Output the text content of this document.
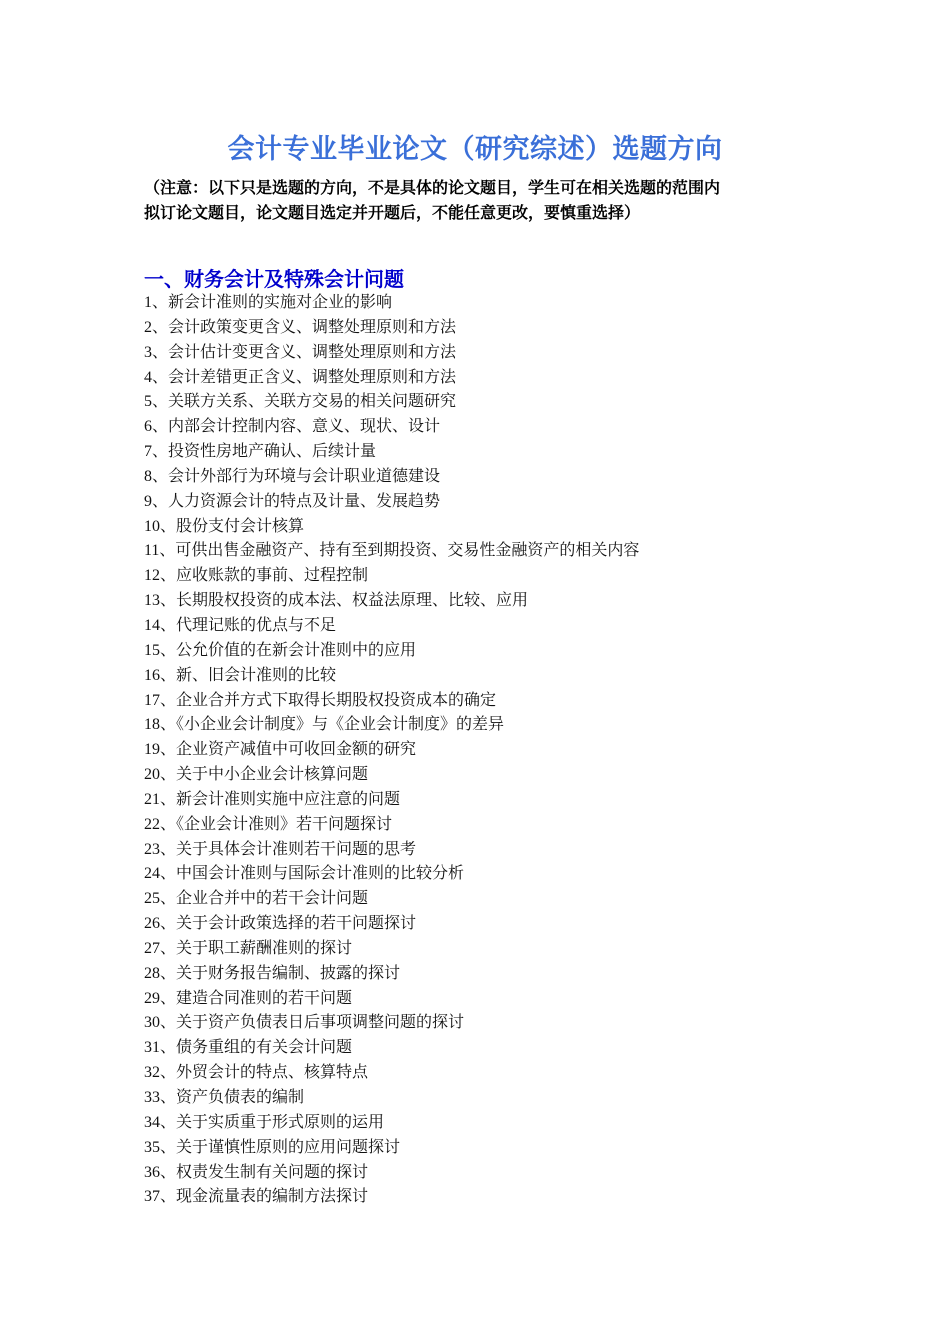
会计专业毕业论文（研究综述）选题方向

（注意：以下只是选题的方向，不是具体的论文题目，学生可在相关选题的范围内

拟订论文题目，论文题目选定并开题后，不能任意更改，要慎重选择）

一、财务会计及特殊会计问题
1、新会计准则的实施对企业的影响
2、会计政策变更含义、调整处理原则和方法
3、会计估计变更含义、调整处理原则和方法
4、会计差错更正含义、调整处理原则和方法
5、关联方关系、关联方交易的相关问题研究
6、内部会计控制内容、意义、现状、设计
7、投资性房地产确认、后续计量
8、会计外部行为环境与会计职业道德建设
9、人力资源会计的特点及计量、发展趋势
10、股份支付会计核算
11、可供出售金融资产、持有至到期投资、交易性金融资产的相关内容
12、应收账款的事前、过程控制
13、长期股权投资的成本法、权益法原理、比较、应用
14、代理记账的优点与不足
15、公允价值的在新会计准则中的应用
16、新、旧会计准则的比较
17、企业合并方式下取得长期股权投资成本的确定
18、《小企业会计制度》与《企业会计制度》的差异
19、企业资产减值中可收回金额的研究
20、关于中小企业会计核算问题
21、新会计准则实施中应注意的问题
22、《企业会计准则》若干问题探讨
23、关于具体会计准则若干问题的思考
24、中国会计准则与国际会计准则的比较分析
25、企业合并中的若干会计问题
26、关于会计政策选择的若干问题探讨
27、关于职工薪酬准则的探讨
28、关于财务报告编制、披露的探讨
29、建造合同准则的若干问题
30、关于资产负债表日后事项调整问题的探讨
31、债务重组的有关会计问题
32、外贸会计的特点、核算特点
33、资产负债表的编制
34、关于实质重于形式原则的运用
35、关于谨慎性原则的应用问题探讨
36、权责发生制有关问题的探讨
37、现金流量表的编制方法探讨
